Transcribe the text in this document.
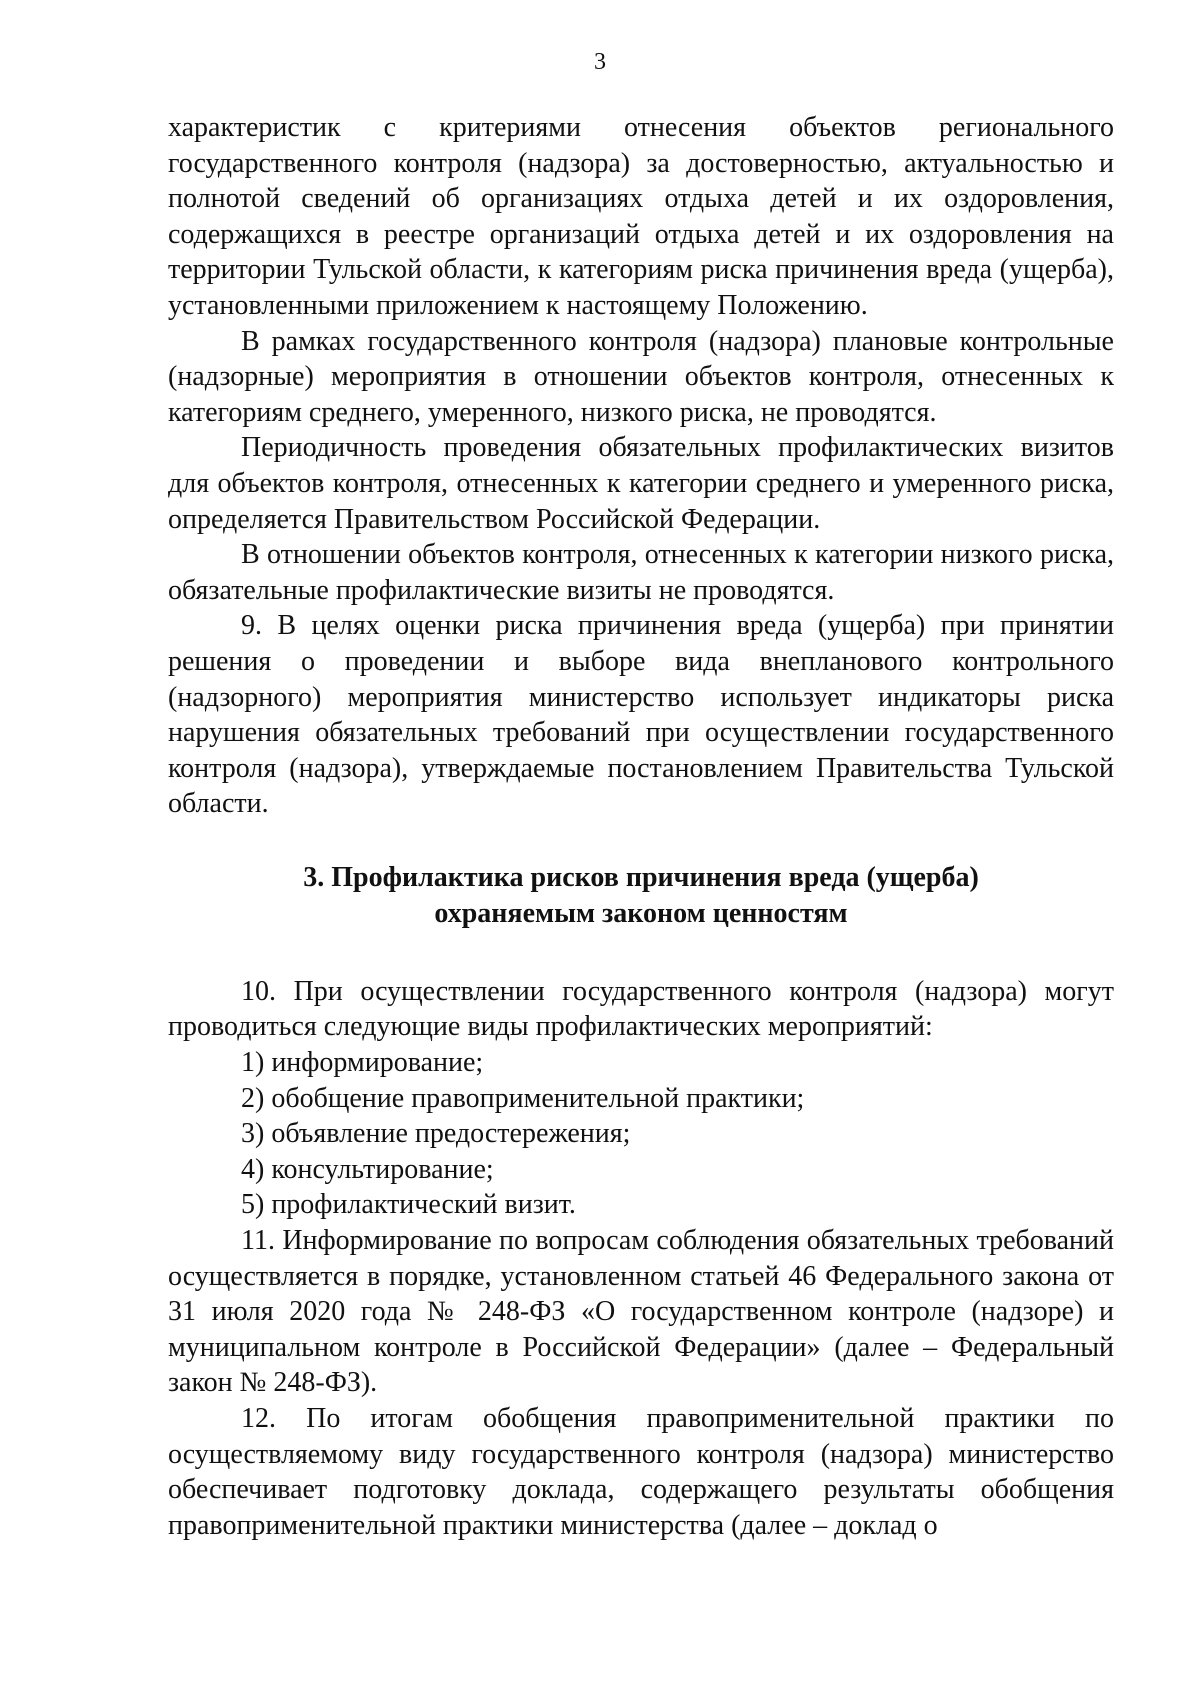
3

характеристик с критериями отнесения объектов регионального государственного контроля (надзора) за достоверностью, актуальностью и полнотой сведений об организациях отдыха детей и их оздоровления, содержащихся в реестре организаций отдыха детей и их оздоровления на территории Тульской области, к категориям риска причинения вреда (ущерба), установленными приложением к настоящему Положению.

В рамках государственного контроля (надзора) плановые контрольные (надзорные) мероприятия в отношении объектов контроля, отнесенных к категориям среднего, умеренного, низкого риска, не проводятся.

Периодичность проведения обязательных профилактических визитов для объектов контроля, отнесенных к категории среднего и умеренного риска, определяется Правительством Российской Федерации.

В отношении объектов контроля, отнесенных к категории низкого риска, обязательные профилактические визиты не проводятся.

9. В целях оценки риска причинения вреда (ущерба) при принятии решения о проведении и выборе вида внепланового контрольного (надзорного) мероприятия министерство использует индикаторы риска нарушения обязательных требований при осуществлении государственного контроля (надзора), утверждаемые постановлением Правительства Тульской области.

3. Профилактика рисков причинения вреда (ущерба)
охраняемым законом ценностям

10. При осуществлении государственного контроля (надзора) могут проводиться следующие виды профилактических мероприятий:

1) информирование;

2) обобщение правоприменительной практики;

3) объявление предостережения;

4) консультирование;

5) профилактический визит.

11. Информирование по вопросам соблюдения обязательных требований осуществляется в порядке, установленном статьей 46 Федерального закона от 31 июля 2020 года № 248-ФЗ «О государственном контроле (надзоре) и муниципальном контроле в Российской Федерации» (далее – Федеральный закон № 248-ФЗ).

12. По итогам обобщения правоприменительной практики по осуществляемому виду государственного контроля (надзора) министерство обеспечивает подготовку доклада, содержащего результаты обобщения правоприменительной практики министерства (далее – доклад о
